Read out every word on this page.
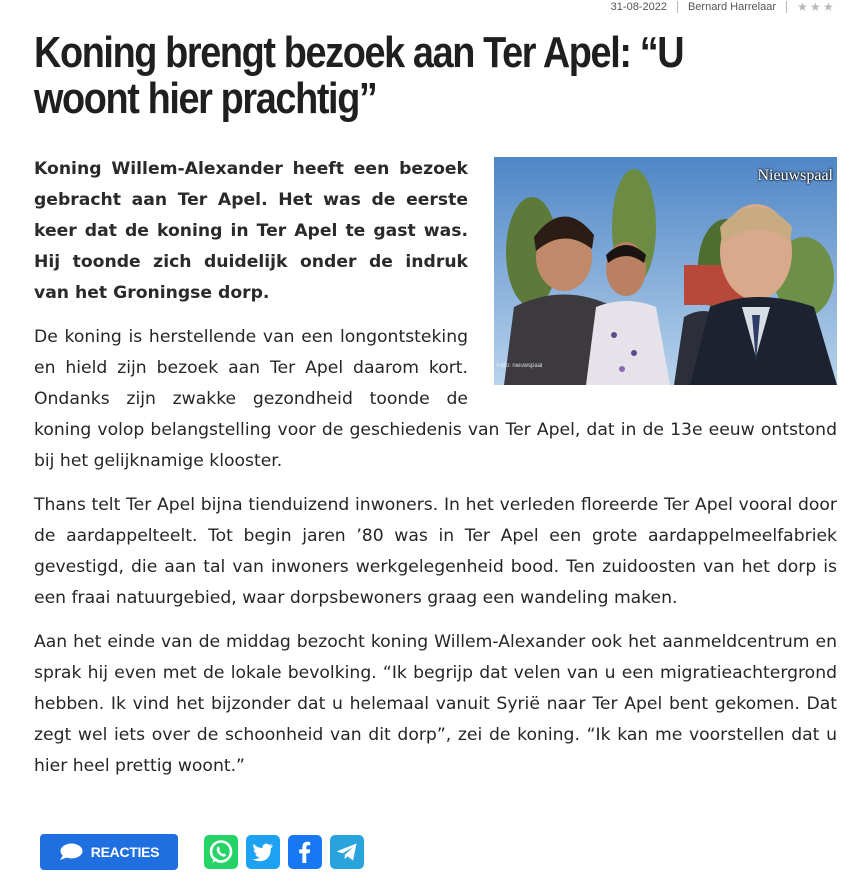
31-08-2022 Bernard Harrelaar ★ ★ ★
Koning brengt bezoek aan Ter Apel: “U woont hier prachtig”
Nieuwspaal
Foto: nieuwspaal

Koning Willem-Alexander heeft een bezoek gebracht aan Ter Apel. Het was de eerste keer dat de koning in Ter Apel te gast was. Hij toonde zich duidelijk onder de indruk van het Groningse dorp.

De koning is herstellende van een longontsteking en hield zijn bezoek aan Ter Apel daarom kort. Ondanks zijn zwakke gezondheid toonde de koning volop belangstelling voor de geschiedenis van Ter Apel, dat in de 13e eeuw ontstond bij het gelijknamige klooster.

Thans telt Ter Apel bijna tienduizend inwoners. In het verleden floreerde Ter Apel vooral door de aardappelteelt. Tot begin jaren ’80 was in Ter Apel een grote aardappelmeelfabriek gevestigd, die aan tal van inwoners werkgelegenheid bood. Ten zuidoosten van het dorp is een fraai natuurgebied, waar dorpsbewoners graag een wandeling maken.

Aan het einde van de middag bezocht koning Willem-Alexander ook het aanmeldcentrum en sprak hij even met de lokale bevolking. “Ik begrijp dat velen van u een migratieachtergrond hebben. Ik vind het bijzonder dat u helemaal vanuit Syrië naar Ter Apel bent gekomen. Dat zegt wel iets over de schoonheid van dit dorp”, zei de koning. “Ik kan me voorstellen dat u hier heel prettig woont.”

REACTIES
